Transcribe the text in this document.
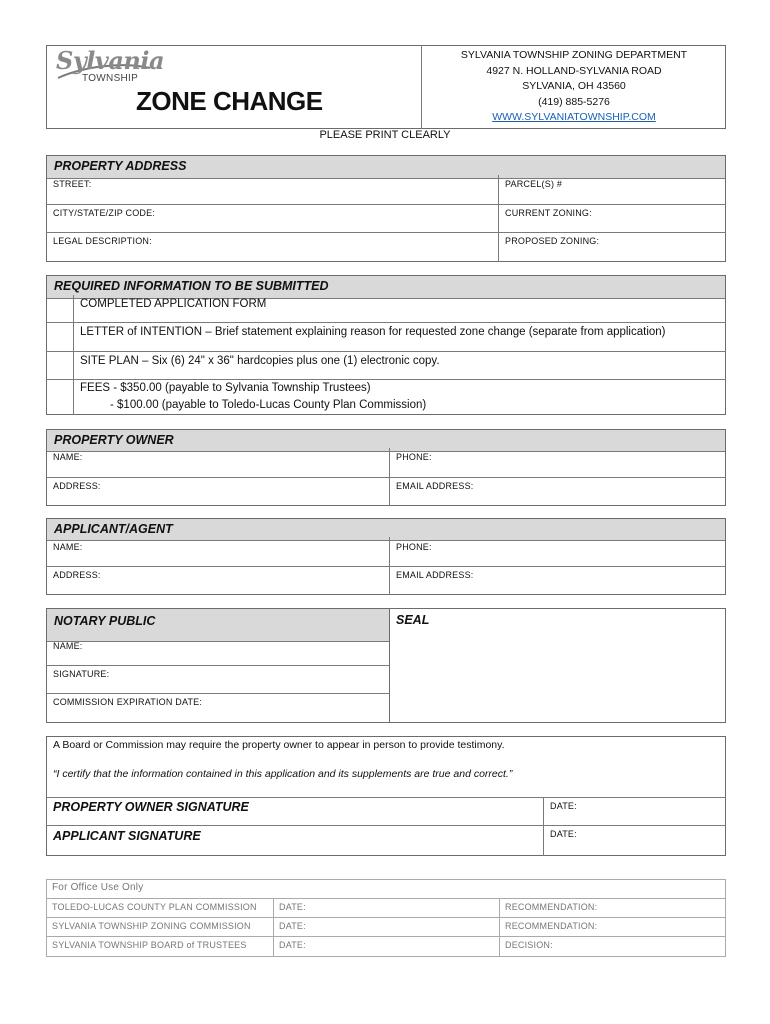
Sylvania
TOWNSHIP
ZONE CHANGE
SYLVANIA TOWNSHIP ZONING DEPARTMENT
4927 N. HOLLAND-SYLVANIA ROAD
SYLVANIA, OH 43560
(419) 885-5276
WWW.SYLVANIATOWNSHIP.COM
PLEASE PRINT CLEARLY
PROPERTY ADDRESS
STREET:	PARCEL(S) #
CITY/STATE/ZIP CODE:	CURRENT ZONING:
LEGAL DESCRIPTION:	PROPOSED ZONING:
REQUIRED INFORMATION TO BE SUBMITTED
COMPLETED APPLICATION FORM
LETTER of INTENTION – Brief statement explaining reason for requested zone change (separate from application)
SITE PLAN – Six (6) 24" x 36" hardcopies plus one (1) electronic copy.
FEES - $350.00 (payable to Sylvania Township Trustees)
- $100.00 (payable to Toledo-Lucas County Plan Commission)
PROPERTY OWNER
NAME:	PHONE:
ADDRESS:	EMAIL ADDRESS:
APPLICANT/AGENT
NAME:	PHONE:
ADDRESS:	EMAIL ADDRESS:
NOTARY PUBLIC	SEAL
NAME:
SIGNATURE:
COMMISSION EXPIRATION DATE:
A Board or Commission may require the property owner to appear in person to provide testimony.
“I certify that the information contained in this application and its supplements are true and correct.”
PROPERTY OWNER SIGNATURE	DATE:
APPLICANT SIGNATURE	DATE:
For Office Use Only
TOLEDO-LUCAS COUNTY PLAN COMMISSION DATE:	RECOMMENDATION:
SYLVANIA TOWNSHIP ZONING COMMISSION	DATE:	RECOMMENDATION:
SYLVANIA TOWNSHIP BOARD of TRUSTEES	DATE:	DECISION:
